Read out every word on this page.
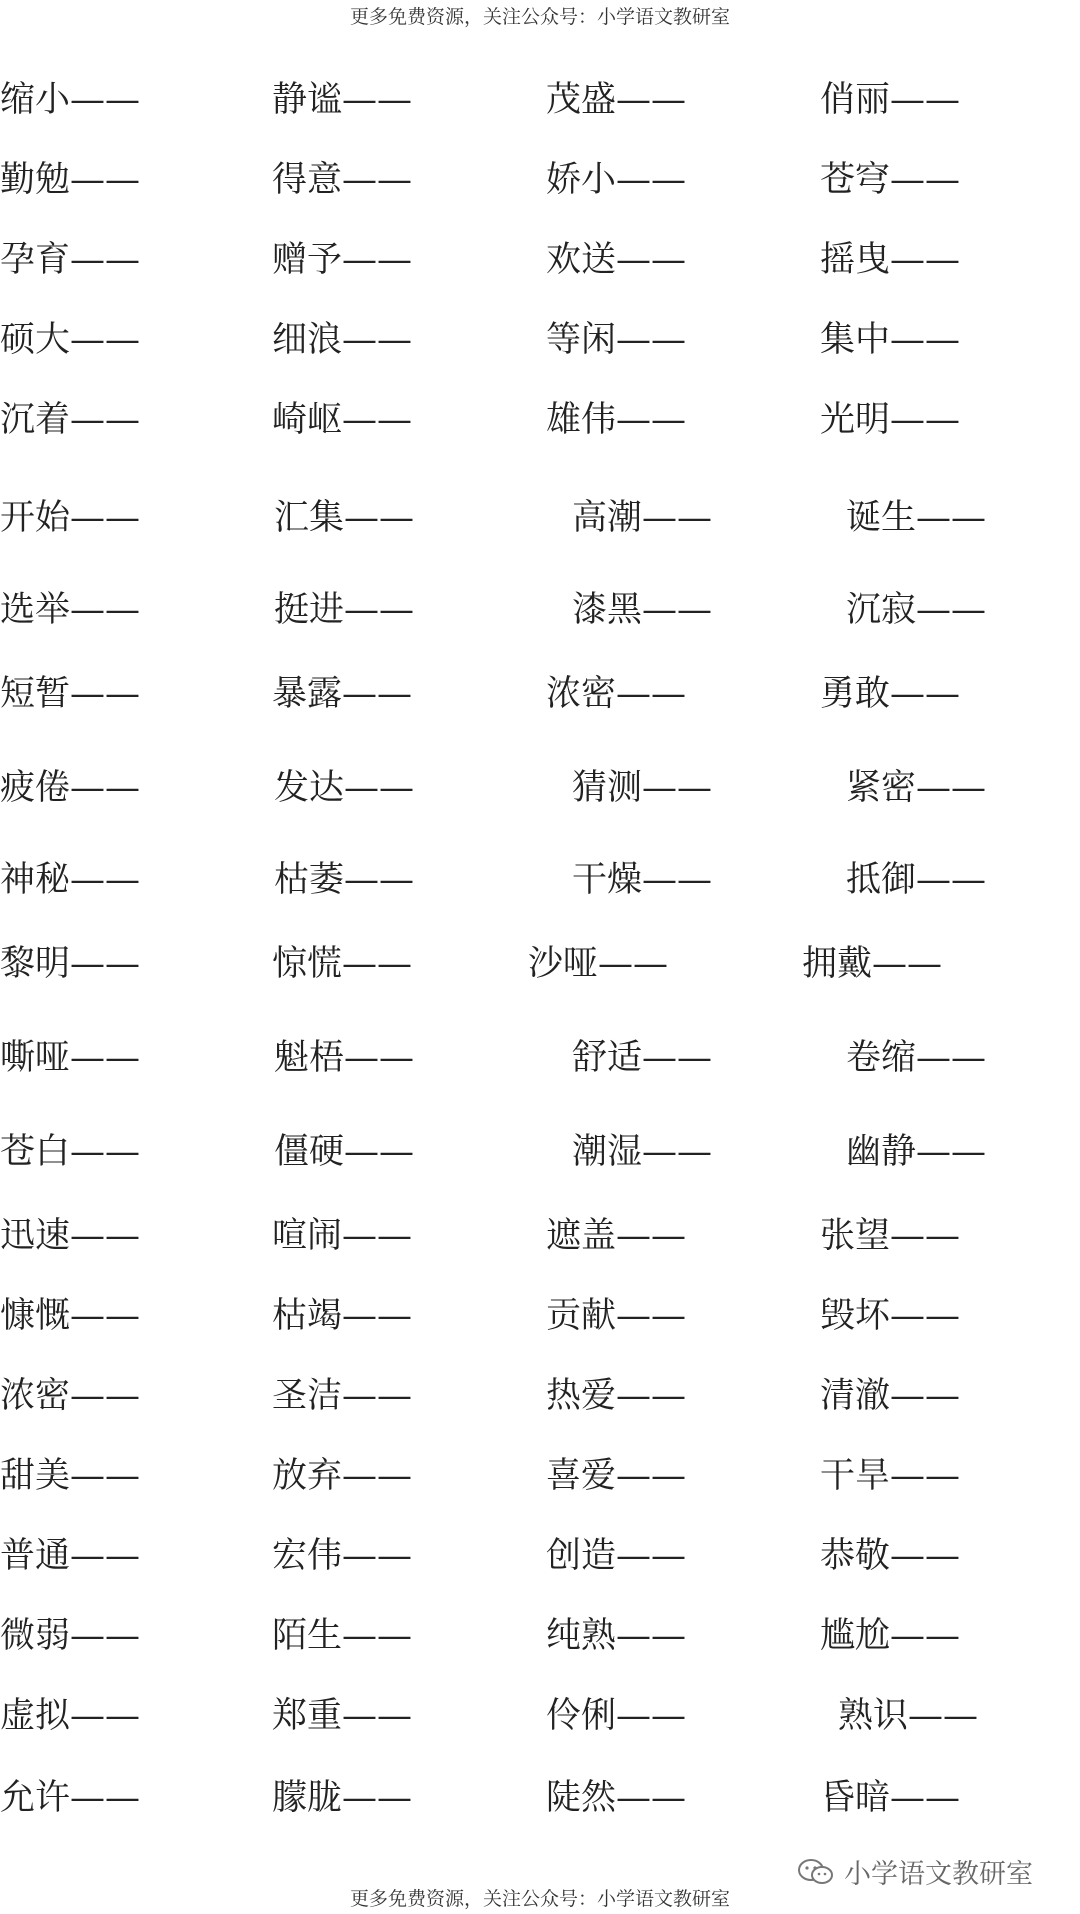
更多免费资源，关注公众号：小学语文教研室
缩小——	静谧——	茂盛——	俏丽——
勤勉——	得意——	娇小——	苍穹——
孕育——	赠予——	欢送——	摇曳——
硕大——	细浪——	等闲——	集中——
沉着——	崎岖——	雄伟——	光明——
开始——	汇集——	高潮——	诞生——
选举——	挺进——	漆黑——	沉寂——
短暂——	暴露——	浓密——	勇敢——
疲倦——	发达——	猜测——	紧密——
神秘——	枯萎——	干燥——	抵御——
黎明——	惊慌——	沙哑——	拥戴——
嘶哑——	魁梧——	舒适——	卷缩——
苍白——	僵硬——	潮湿——	幽静——
迅速——	喧闹——	遮盖——	张望——
慷慨——	枯竭——	贡献——	毁坏——
浓密——	圣洁——	热爱——	清澈——
甜美——	放弃——	喜爱——	干旱——
普通——	宏伟——	创造——	恭敬——
微弱——	陌生——	纯熟——	尴尬——
虚拟——	郑重——	伶俐——	熟识——
允许——	朦胧——	陡然——	昏暗——
小学语文教研室
更多免费资源，关注公众号：小学语文教研室
